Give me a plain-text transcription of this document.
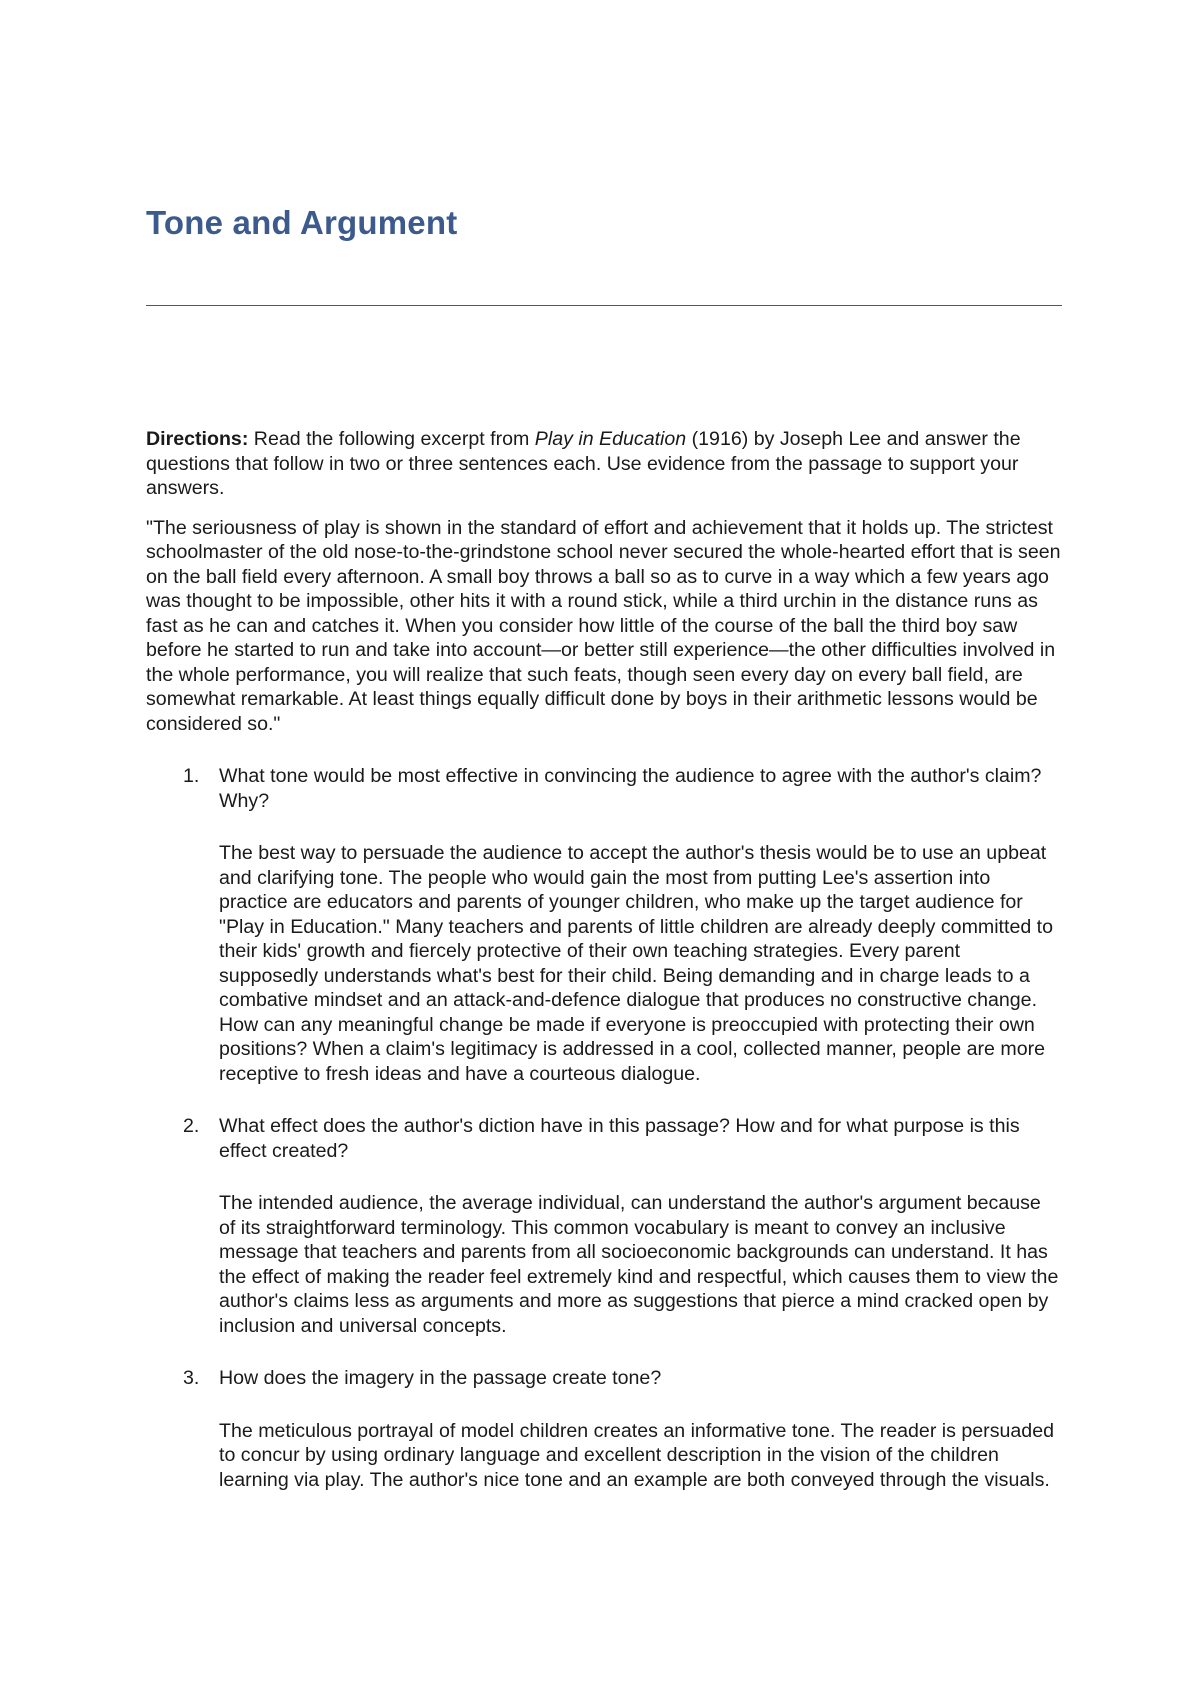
Tone and Argument

Directions: Read the following excerpt from Play in Education (1916) by Joseph Lee and answer the questions that follow in two or three sentences each. Use evidence from the passage to support your answers.

"The seriousness of play is shown in the standard of effort and achievement that it holds up. The strictest schoolmaster of the old nose-to-the-grindstone school never secured the whole-hearted effort that is seen on the ball field every afternoon. A small boy throws a ball so as to curve in a way which a few years ago was thought to be impossible, other hits it with a round stick, while a third urchin in the distance runs as fast as he can and catches it. When you consider how little of the course of the ball the third boy saw before he started to run and take into account—or better still experience—the other difficulties involved in the whole performance, you will realize that such feats, though seen every day on every ball field, are somewhat remarkable. At least things equally difficult done by boys in their arithmetic lessons would be considered so."

1. What tone would be most effective in convincing the audience to agree with the author's claim? Why?

The best way to persuade the audience to accept the author's thesis would be to use an upbeat and clarifying tone. The people who would gain the most from putting Lee's assertion into practice are educators and parents of younger children, who make up the target audience for "Play in Education." Many teachers and parents of little children are already deeply committed to their kids' growth and fiercely protective of their own teaching strategies. Every parent supposedly understands what's best for their child. Being demanding and in charge leads to a combative mindset and an attack-and-defence dialogue that produces no constructive change. How can any meaningful change be made if everyone is preoccupied with protecting their own positions? When a claim's legitimacy is addressed in a cool, collected manner, people are more receptive to fresh ideas and have a courteous dialogue.

2. What effect does the author's diction have in this passage? How and for what purpose is this effect created?

The intended audience, the average individual, can understand the author's argument because of its straightforward terminology. This common vocabulary is meant to convey an inclusive message that teachers and parents from all socioeconomic backgrounds can understand. It has the effect of making the reader feel extremely kind and respectful, which causes them to view the author's claims less as arguments and more as suggestions that pierce a mind cracked open by inclusion and universal concepts.

3. How does the imagery in the passage create tone?

The meticulous portrayal of model children creates an informative tone. The reader is persuaded to concur by using ordinary language and excellent description in the vision of the children learning via play. The author's nice tone and an example are both conveyed through the visuals.
